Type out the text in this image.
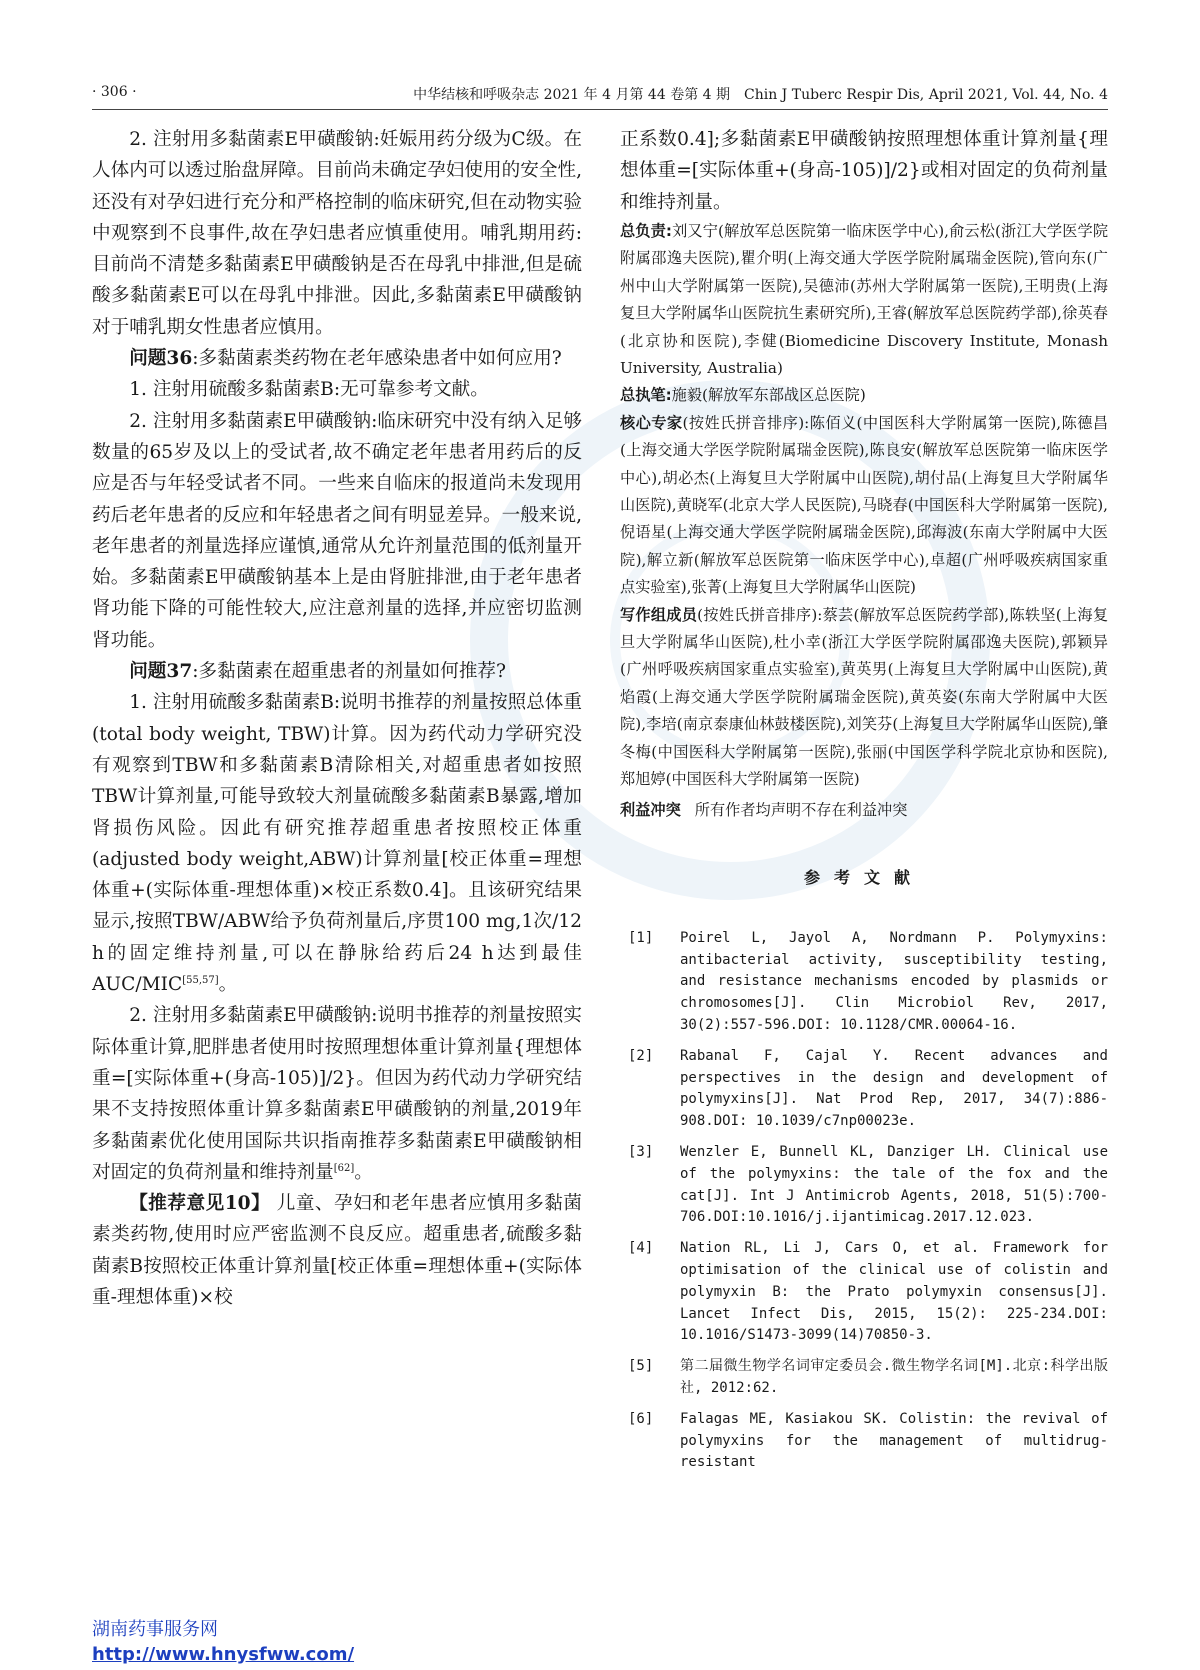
· 306 ·	中华结核和呼吸杂志 2021 年 4 月第 44 卷第 4 期　Chin J Tuberc Respir Dis, April 2021, Vol. 44, No. 4

2. 注射用多黏菌素E甲磺酸钠:妊娠用药分级为C级。在人体内可以透过胎盘屏障。目前尚未确定孕妇使用的安全性,还没有对孕妇进行充分和严格控制的临床研究,但在动物实验中观察到不良事件,故在孕妇患者应慎重使用。哺乳期用药:目前尚不清楚多黏菌素E甲磺酸钠是否在母乳中排泄,但是硫酸多黏菌素E可以在母乳中排泄。因此,多黏菌素E甲磺酸钠对于哺乳期女性患者应慎用。

问题36:多黏菌素类药物在老年感染患者中如何应用?

1. 注射用硫酸多黏菌素B:无可靠参考文献。

2. 注射用多黏菌素E甲磺酸钠:临床研究中没有纳入足够数量的65岁及以上的受试者,故不确定老年患者用药后的反应是否与年轻受试者不同。一些来自临床的报道尚未发现用药后老年患者的反应和年轻患者之间有明显差异。一般来说,老年患者的剂量选择应谨慎,通常从允许剂量范围的低剂量开始。多黏菌素E甲磺酸钠基本上是由肾脏排泄,由于老年患者肾功能下降的可能性较大,应注意剂量的选择,并应密切监测肾功能。

问题37:多黏菌素在超重患者的剂量如何推荐?

1. 注射用硫酸多黏菌素B:说明书推荐的剂量按照总体重(total body weight, TBW)计算。因为药代动力学研究没有观察到TBW和多黏菌素B清除相关,对超重患者如按照TBW计算剂量,可能导致较大剂量硫酸多黏菌素B暴露,增加肾损伤风险。因此有研究推荐超重患者按照校正体重(adjusted body weight,ABW)计算剂量[校正体重=理想体重+(实际体重-理想体重)×校正系数0.4]。且该研究结果显示,按照TBW/ABW给予负荷剂量后,序贯100 mg,1次/12 h的固定维持剂量,可以在静脉给药后24 h达到最佳AUC/MIC[55,57]。

2. 注射用多黏菌素E甲磺酸钠:说明书推荐的剂量按照实际体重计算,肥胖患者使用时按照理想体重计算剂量{理想体重=[实际体重+(身高-105)]/2}。但因为药代动力学研究结果不支持按照体重计算多黏菌素E甲磺酸钠的剂量,2019年多黏菌素优化使用国际共识指南推荐多黏菌素E甲磺酸钠相对固定的负荷剂量和维持剂量[62]。

【推荐意见10】 儿童、孕妇和老年患者应慎用多黏菌素类药物,使用时应严密监测不良反应。超重患者,硫酸多黏菌素B按照校正体重计算剂量[校正体重=理想体重+(实际体重-理想体重)×校

正系数0.4];多黏菌素E甲磺酸钠按照理想体重计算剂量{理想体重=[实际体重+(身高-105)]/2}或相对固定的负荷剂量和维持剂量。

总负责:刘又宁(解放军总医院第一临床医学中心),俞云松(浙江大学医学院附属邵逸夫医院),瞿介明(上海交通大学医学院附属瑞金医院),管向东(广州中山大学附属第一医院),吴德沛(苏州大学附属第一医院),王明贵(上海复旦大学附属华山医院抗生素研究所),王睿(解放军总医院药学部),徐英春(北京协和医院),李健(Biomedicine Discovery Institute, Monash University, Australia)

总执笔:施毅(解放军东部战区总医院)

核心专家(按姓氏拼音排序):陈佰义(中国医科大学附属第一医院),陈德昌(上海交通大学医学院附属瑞金医院),陈良安(解放军总医院第一临床医学中心),胡必杰(上海复旦大学附属中山医院),胡付品(上海复旦大学附属华山医院),黄晓军(北京大学人民医院),马晓春(中国医科大学附属第一医院),倪语星(上海交通大学医学院附属瑞金医院),邱海波(东南大学附属中大医院),解立新(解放军总医院第一临床医学中心),卓超(广州呼吸疾病国家重点实验室),张菁(上海复旦大学附属华山医院)

写作组成员(按姓氏拼音排序):蔡芸(解放军总医院药学部),陈轶坚(上海复旦大学附属华山医院),杜小幸(浙江大学医学院附属邵逸夫医院),郭颖异(广州呼吸疾病国家重点实验室),黄英男(上海复旦大学附属中山医院),黄焰霞(上海交通大学医学院附属瑞金医院),黄英姿(东南大学附属中大医院),李培(南京泰康仙林鼓楼医院),刘笑芬(上海复旦大学附属华山医院),肇冬梅(中国医科大学附属第一医院),张丽(中国医学科学院北京协和医院),郑旭婷(中国医科大学附属第一医院)

利益冲突 所有作者均声明不存在利益冲突

参考文献
[1] Poirel L, Jayol A, Nordmann P. Polymyxins: antibacterial activity, susceptibility testing, and resistance mechanisms encoded by plasmids or chromosomes[J]. Clin Microbiol Rev, 2017, 30(2):557-596.DOI: 10.1128/CMR.00064-16.
[2] Rabanal F, Cajal Y. Recent advances and perspectives in the design and development of polymyxins[J]. Nat Prod Rep, 2017, 34(7):886-908.DOI: 10.1039/c7np00023e.
[3] Wenzler E, Bunnell KL, Danziger LH. Clinical use of the polymyxins: the tale of the fox and the cat[J]. Int J Antimicrob Agents, 2018, 51(5):700-706.DOI:10.1016/j.ijantimicag.2017.12.023.
[4] Nation RL, Li J, Cars O, et al. Framework for optimisation of the clinical use of colistin and polymyxin B: the Prato polymyxin consensus[J]. Lancet Infect Dis, 2015, 15(2): 225-234.DOI: 10.1016/S1473-3099(14)70850-3.
[5] 第二届微生物学名词审定委员会.微生物学名词[M].北京:科学出版社, 2012:62.
[6] Falagas ME, Kasiakou SK. Colistin: the revival of polymyxins for the management of multidrug-resistant
湖南药事服务网
http://www.hnysfww.com/
